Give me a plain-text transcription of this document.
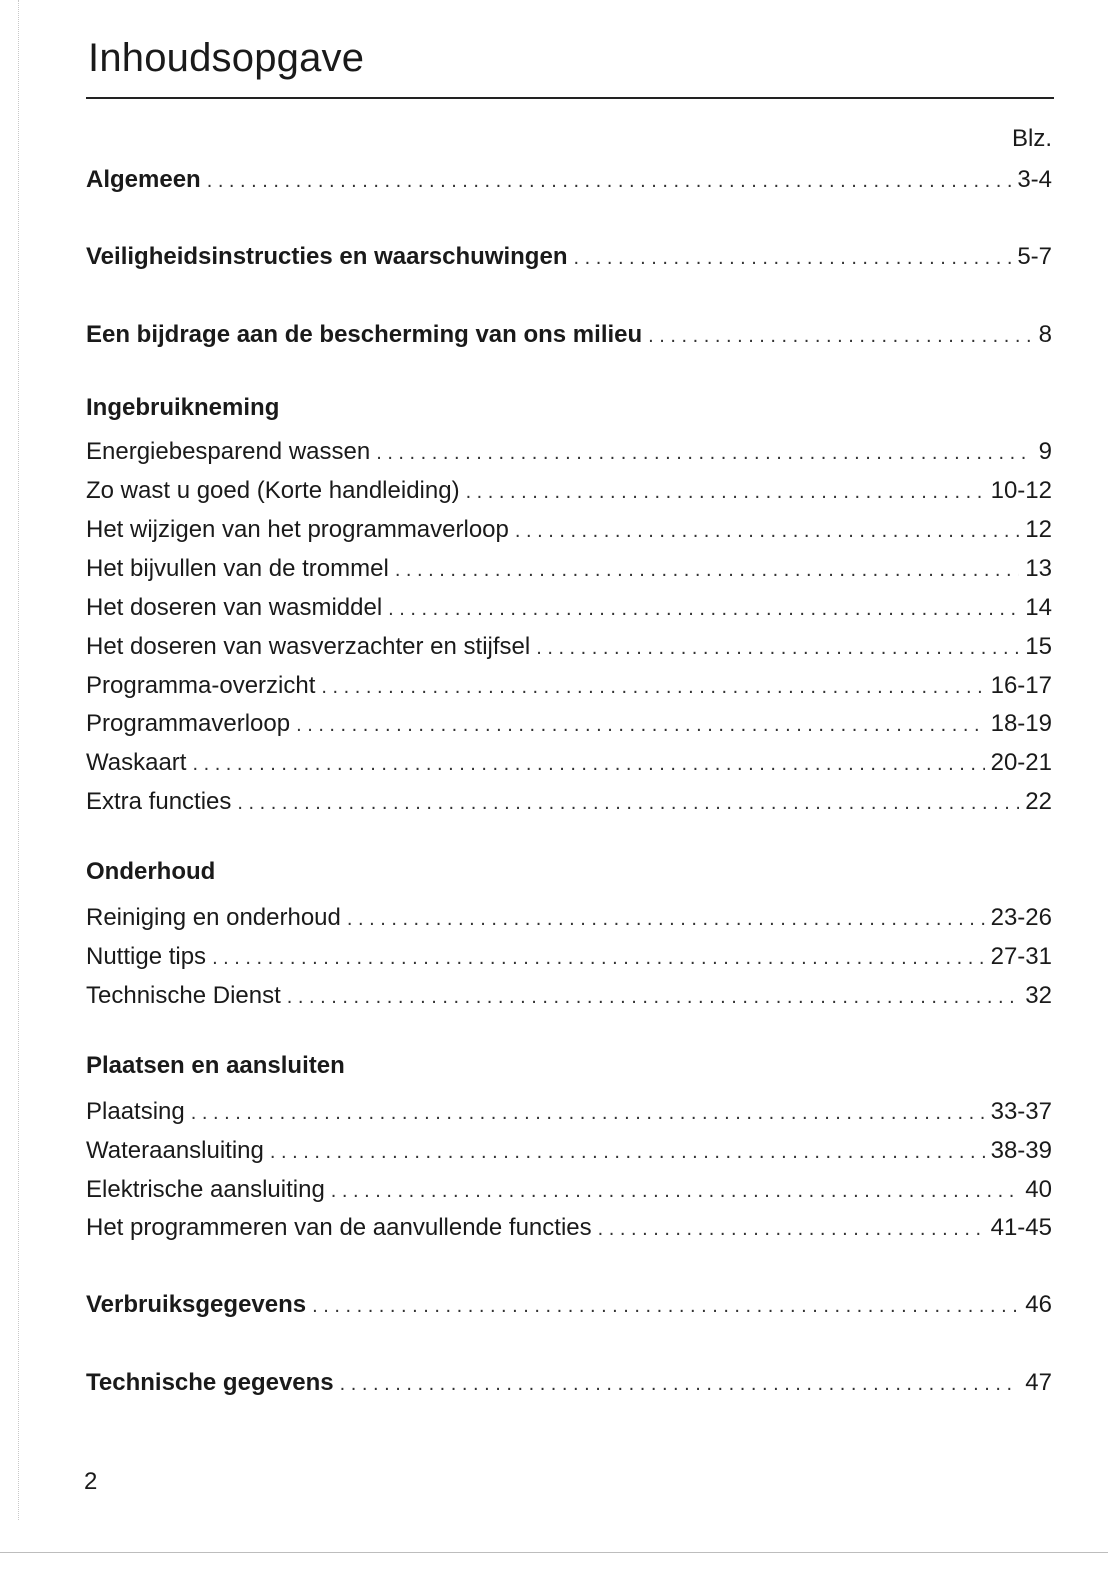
Inhoudsopgave
Blz.
Algemeen . . .	3-4
Veiligheidsinstructies en waarschuwingen . . .	5-7
Een bijdrage aan de bescherming van ons milieu . . .	8
Ingebruikneming
Energiebesparend wassen . . .	9
Zo wast u goed (Korte handleiding) . . .	10-12
Het wijzigen van het programmaverloop . . .	12
Het bijvullen van de trommel . . .	13
Het doseren van wasmiddel . . .	14
Het doseren van wasverzachter en stijfsel . . .	15
Programma-overzicht . . .	16-17
Programmaverloop . . .	18-19
Waskaart . . .	20-21
Extra functies . . .	22
Onderhoud
Reiniging en onderhoud . . .	23-26
Nuttige tips . . .	27-31
Technische Dienst . . .	32
Plaatsen en aansluiten
Plaatsing . . .	33-37
Wateraansluiting . . .	38-39
Elektrische aansluiting . . .	40
Het programmeren van de aanvullende functies . . .	41-45
Verbruiksgegevens . . .	46
Technische gegevens . . .	47
2
